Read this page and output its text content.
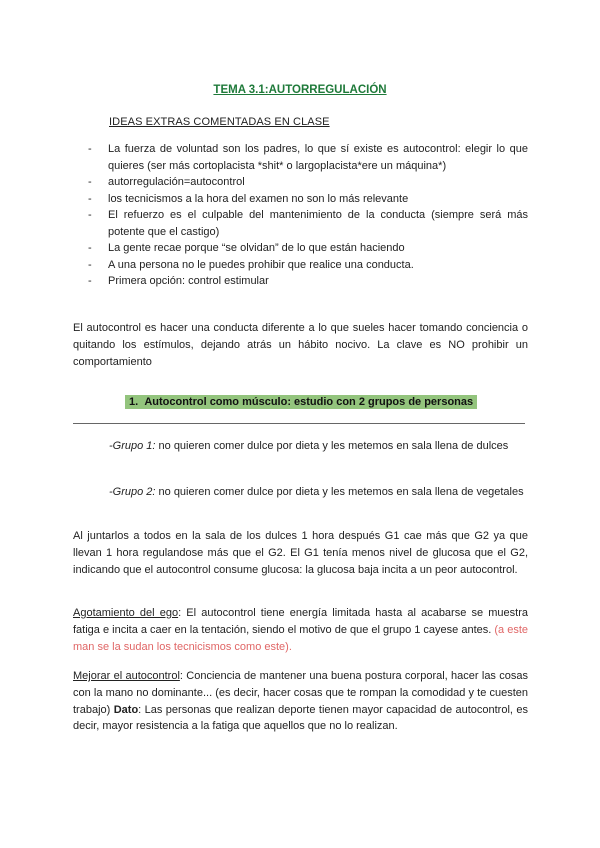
TEMA 3.1:AUTORREGULACIÓN
IDEAS EXTRAS COMENTADAS EN CLASE
- La fuerza de voluntad son los padres, lo que sí existe es autocontrol: elegir lo que quieres (ser más cortoplacista *shit* o largoplacista*ere un máquina*)
- autorregulación=autocontrol
- los tecnicismos a la hora del examen no son lo más relevante
- El refuerzo es el culpable del mantenimiento de la conducta (siempre será más potente que el castigo)
- La gente recae porque “se olvidan” de lo que están haciendo
- A una persona no le puedes prohibir que realice una conducta.
- Primera opción: control estimular
El autocontrol es hacer una conducta diferente a lo que sueles hacer tomando conciencia o quitando los estímulos, dejando atrás un hábito nocivo. La clave es NO prohibir un comportamiento
1. Autocontrol como músculo: estudio con 2 grupos de personas
-Grupo 1: no quieren comer dulce por dieta y les metemos en sala llena de dulces
-Grupo 2: no quieren comer dulce por dieta y les metemos en sala llena de vegetales
Al juntarlos a todos en la sala de los dulces 1 hora después G1 cae más que G2 ya que llevan 1 hora regulandose más que el G2. El G1 tenía menos nivel de glucosa que el G2, indicando que el autocontrol consume glucosa: la glucosa baja incita a un peor autocontrol.
Agotamiento del ego: El autocontrol tiene energía limitada hasta al acabarse se muestra fatiga e incita a caer en la tentación, siendo el motivo de que el grupo 1 cayese antes. (a este man se la sudan los tecnicismos como este).
Mejorar el autocontrol: Conciencia de mantener una buena postura corporal, hacer las cosas con la mano no dominante... (es decir, hacer cosas que te rompan la comodidad y te cuesten trabajo) Dato: Las personas que realizan deporte tienen mayor capacidad de autocontrol, es decir, mayor resistencia a la fatiga que aquellos que no lo realizan.
